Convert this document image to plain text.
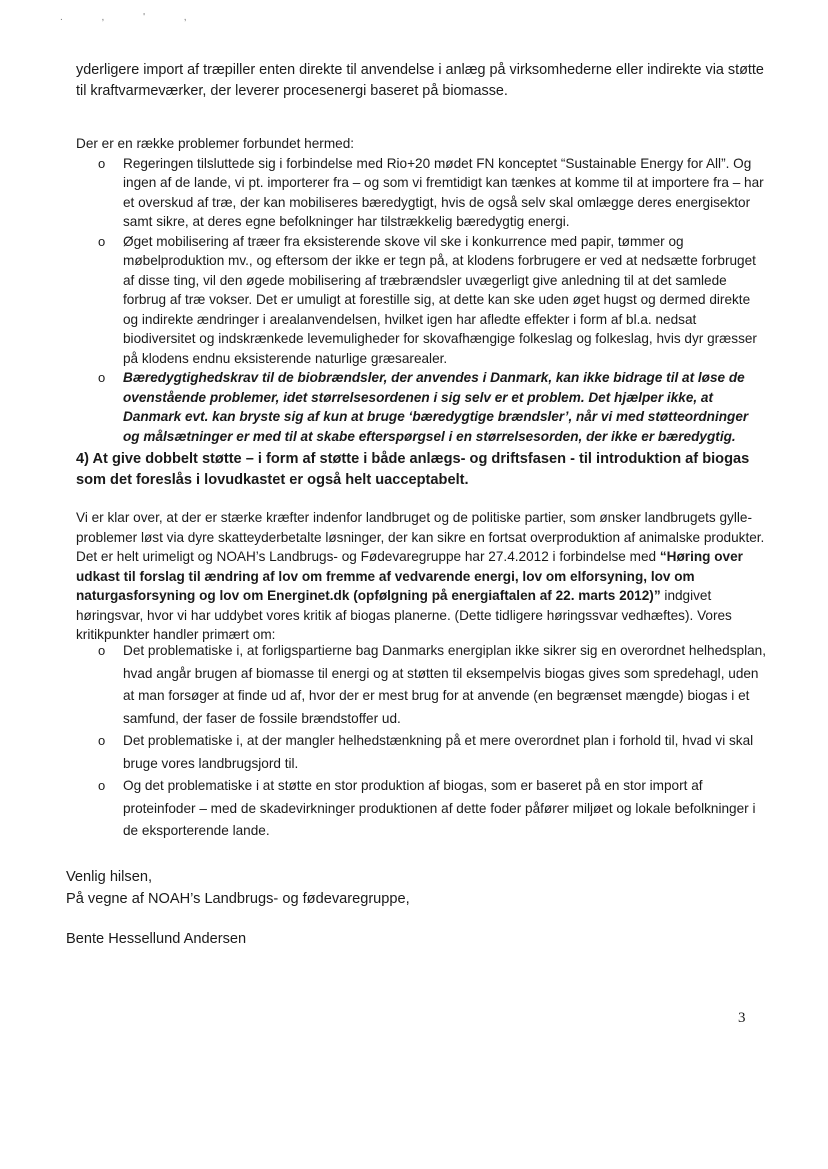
. , ' ,

yderligere import af træpiller enten direkte til anvendelse i anlæg på virksomhederne eller indirekte via støtte til kraftvarmeværker, der leverer procesenergi baseret på biomasse.

Der er en række problemer forbundet hermed:
o Regeringen tilsluttede sig i forbindelse med Rio+20 mødet FN konceptet “Sustainable Energy for All”. Og ingen af de lande, vi pt. importerer fra – og som vi fremtidigt kan tænkes at komme til at importere fra – har et overskud af træ, der kan mobiliseres bæredygtigt, hvis de også selv skal omlægge deres energisektor samt sikre, at deres egne befolkninger har tilstrækkelig bæredygtig energi.
o Øget mobilisering af træer fra eksisterende skove vil ske i konkurrence med papir, tømmer og møbelproduktion mv., og eftersom der ikke er tegn på, at klodens forbrugere er ved at nedsætte forbruget af disse ting, vil den øgede mobilisering af træbrændsler uvægerligt give anledning til at det samlede forbrug af træ vokser. Det er umuligt at forestille sig, at dette kan ske uden øget hugst og dermed direkte og indirekte ændringer i arealanvendelsen, hvilket igen har afledte effekter i form af bl.a. nedsat biodiversitet og indskrænkede levemuligheder for skovafhængige folkeslag og folkeslag, hvis dyr græsser på klodens endnu eksisterende naturlige græsarealer.
o Bæredygtighedskrav til de biobrændsler, der anvendes i Danmark, kan ikke bidrage til at løse de ovenstående problemer, idet størrelsesordenen i sig selv er et problem. Det hjælper ikke, at Danmark evt. kan bryste sig af kun at bruge ‘bæredygtige brændsler’, når vi med støtteordninger og målsætninger er med til at skabe efterspørgsel i en størrelsesorden, der ikke er bæredygtig.
4) At give dobbelt støtte – i form af støtte i både anlægs- og driftsfasen - til introduktion af biogas som det foreslås i lovudkastet er også helt uacceptabelt.
Vi er klar over, at der er stærke kræfter indenfor landbruget og de politiske partier, som ønsker landbrugets gylle-problemer løst via dyre skatteyderbetalte løsninger, der kan sikre en fortsat overproduktion af animalske produkter. Det er helt urimeligt og NOAH’s Landbrugs- og Fødevaregruppe har 27.4.2012 i forbindelse med “Høring over udkast til forslag til ændring af lov om fremme af vedvarende energi, lov om elforsyning, lov om naturgasforsyning og lov om Energinet.dk (opfølgning på energiaftalen af 22. marts 2012)” indgivet høringsvar, hvor vi har uddybet vores kritik af biogas planerne. (Dette tidligere høringssvar vedhæftes). Vores kritikpunkter handler primært om:
o Det problematiske i, at forligspartierne bag Danmarks energiplan ikke sikrer sig en overordnet helhedsplan, hvad angår brugen af biomasse til energi og at støtten til eksempelvis biogas gives som spredehagl, uden at man forsøger at finde ud af, hvor der er mest brug for at anvende (en begrænset mængde) biogas i et samfund, der faser de fossile brændstoffer ud.
o Det problematiske i, at der mangler helhedstænkning på et mere overordnet plan i forhold til, hvad vi skal bruge vores landbrugsjord til.
o Og det problematiske i at støtte en stor produktion af biogas, som er baseret på en stor import af proteinfoder – med de skadevirkninger produktionen af dette foder påfører miljøet og lokale befolkninger i de eksporterende lande.
Venlig hilsen,
På vegne af NOAH’s Landbrugs- og fødevaregruppe,
Bente Hessellund Andersen
3
